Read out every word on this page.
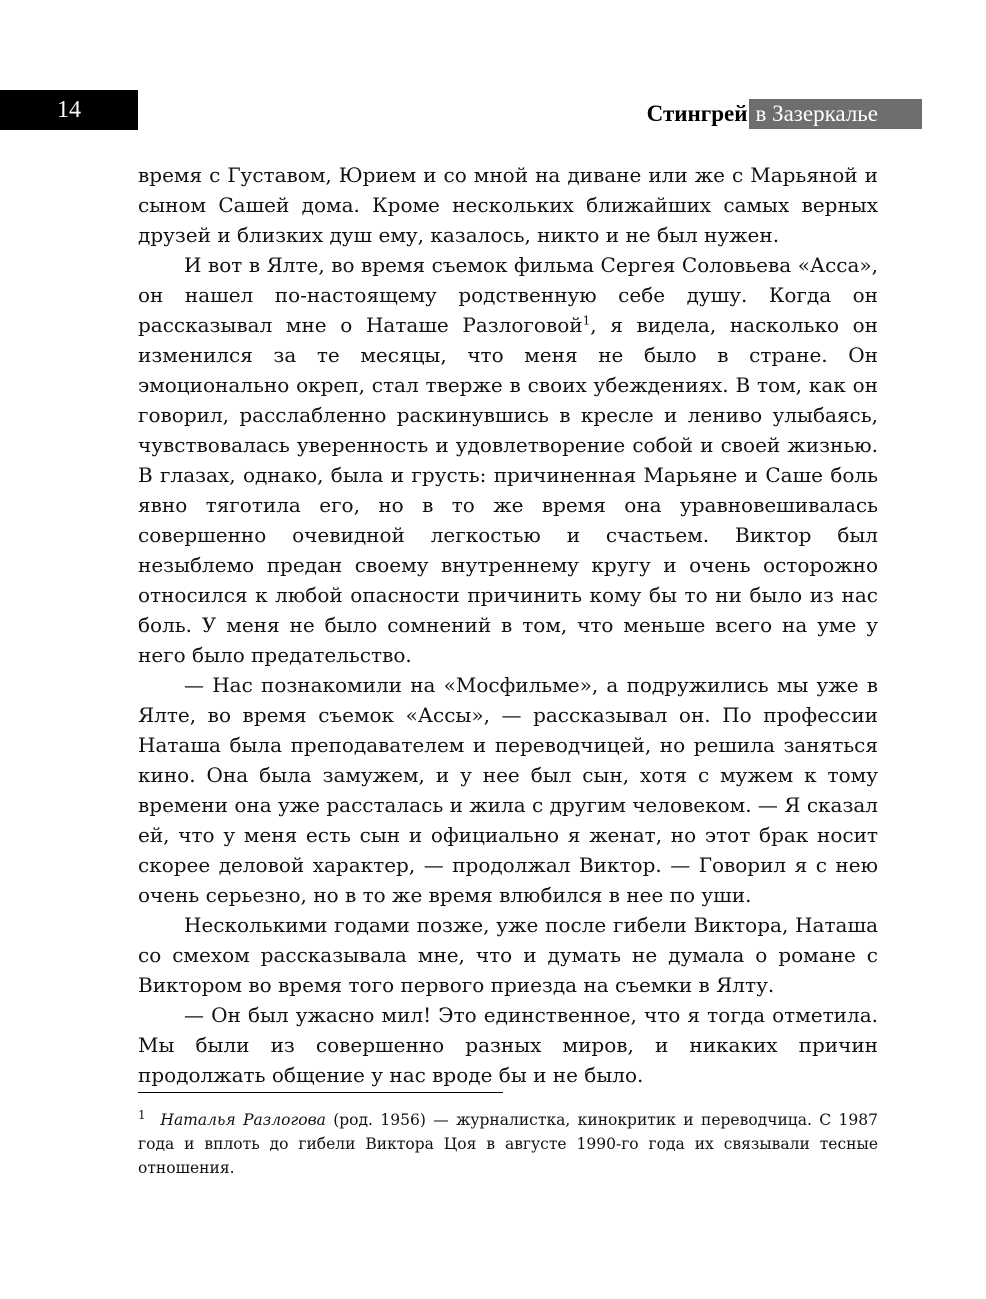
14	Стингрей в Зазеркалье

время с Густавом, Юрием и со мной на диване или же с Марьяной и сыном Сашей дома. Кроме нескольких ближайших самых верных друзей и близких душ ему, казалось, никто и не был нужен.

И вот в Ялте, во время съемок фильма Сергея Соловьева «Асса», он нашел по-настоящему родственную себе душу. Когда он рассказывал мне о Наташе Разлоговой$^1$, я видела, насколько он изменился за те месяцы, что меня не было в стране. Он эмоционально окреп, стал тверже в своих убеждениях. В том, как он говорил, расслабленно раскинувшись в кресле и лениво улыбаясь, чувствовалась уверенность и удовлетворение собой и своей жизнью. В глазах, однако, была и грусть: причиненная Марьяне и Саше боль явно тяготила его, но в то же время она уравновешивалась совершенно очевидной легкостью и счастьем. Виктор был незыблемо предан своему внутреннему кругу и очень осторожно относился к любой опасности причинить кому бы то ни было из нас боль. У меня не было сомнений в том, что меньше всего на уме у него было предательство.

— Нас познакомили на «Мосфильме», а подружились мы уже в Ялте, во время съемок «Ассы», — рассказывал он. По профессии Наташа была преподавателем и переводчицей, но решила заняться кино. Она была замужем, и у нее был сын, хотя с мужем к тому времени она уже рассталась и жила с другим человеком. — Я сказал ей, что у меня есть сын и официально я женат, но этот брак носит скорее деловой характер, — продолжал Виктор. — Говорил я с нею очень серьезно, но в то же время влюбился в нее по уши.

Несколькими годами позже, уже после гибели Виктора, Наташа со смехом рассказывала мне, что и думать не думала о романе с Виктором во время того первого приезда на съемки в Ялту.

— Он был ужасно мил! Это единственное, что я тогда отметила. Мы были из совершенно разных миров, и никаких причин продолжать общение у нас вроде бы и не было.

$^1$ Наталья Разлогова (род. 1956) — журналистка, кинокритик и переводчица. С 1987 года и вплоть до гибели Виктора Цоя в августе 1990-го года их связывали тесные отношения.
